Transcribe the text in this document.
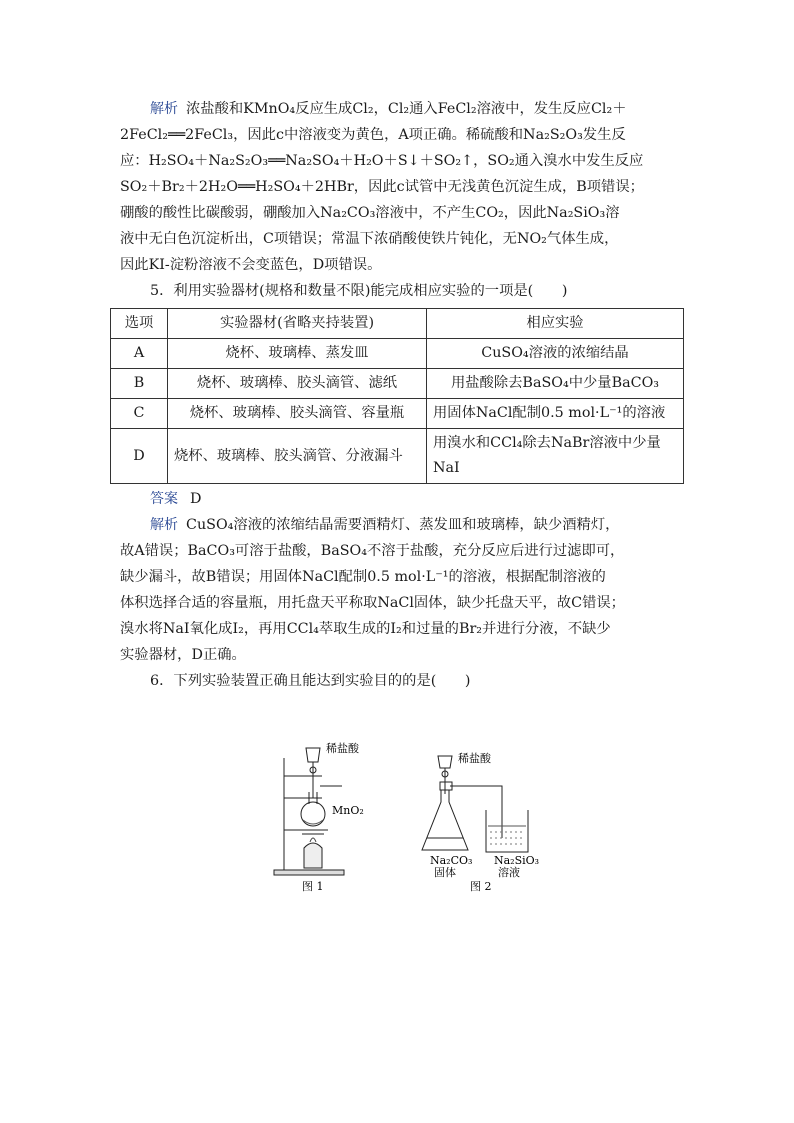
解析 浓盐酸和KMnO₄反应生成Cl₂，Cl₂通入FeCl₂溶液中，发生反应Cl₂＋
2FeCl₂══2FeCl₃，因此c中溶液变为黄色，A项正确。稀硫酸和Na₂S₂O₃发生反
应：H₂SO₄＋Na₂S₂O₃══Na₂SO₄＋H₂O＋S↓＋SO₂↑，SO₂通入溴水中发生反应
SO₂＋Br₂＋2H₂O══H₂SO₄＋2HBr，因此c试管中无浅黄色沉淀生成，B项错误；
硼酸的酸性比碳酸弱，硼酸加入Na₂CO₃溶液中，不产生CO₂，因此Na₂SiO₃溶
液中无白色沉淀析出，C项错误；常温下浓硝酸使铁片钝化，无NO₂气体生成，
因此KI-淀粉溶液不会变蓝色，D项错误。

5．利用实验器材(规格和数量不限)能完成相应实验的一项是(　　)

选项	实验器材(省略夹持装置)	相应实验
A	烧杯、玻璃棒、蒸发皿	CuSO₄溶液的浓缩结晶
B	烧杯、玻璃棒、胶头滴管、滤纸	用盐酸除去BaSO₄中少量BaCO₃
C	烧杯、玻璃棒、胶头滴管、容量瓶	用固体NaCl配制0.5 mol·L⁻¹的溶液
D	烧杯、玻璃棒、胶头滴管、分液漏斗	用溴水和CCl₄除去NaBr溶液中少量NaI

答案 D

解析 CuSO₄溶液的浓缩结晶需要酒精灯、蒸发皿和玻璃棒，缺少酒精灯，
故A错误；BaCO₃可溶于盐酸，BaSO₄不溶于盐酸，充分反应后进行过滤即可，
缺少漏斗，故B错误；用固体NaCl配制0.5 mol·L⁻¹的溶液，根据配制溶液的
体积选择合适的容量瓶，用托盘天平称取NaCl固体，缺少托盘天平，故C错误；
溴水将NaI氧化成I₂，再用CCl₄萃取生成的I₂和过量的Br₂并进行分液，不缺少
实验器材，D正确。

6．下列实验装置正确且能达到实验目的的是(　　)

稀盐酸
MnO₂
图 1
稀盐酸
Na₂CO₃
固体
Na₂SiO₃
溶液
图 2
